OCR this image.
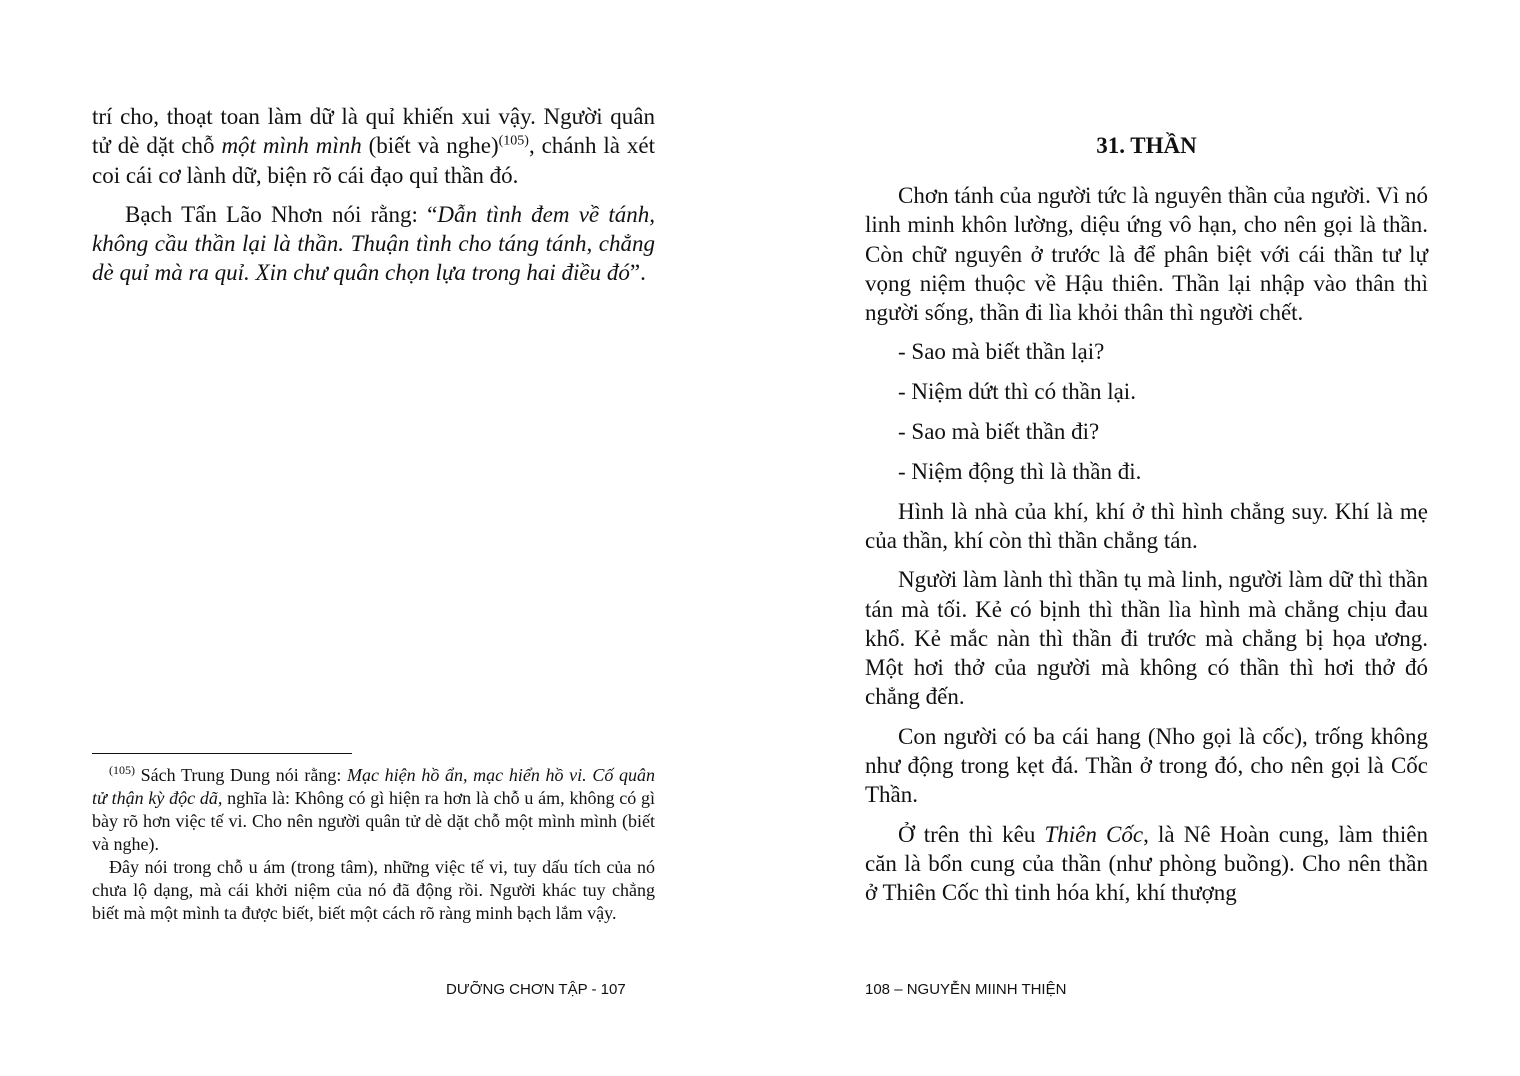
trí cho, thoạt toan làm dữ là quỉ khiến xui vậy. Người quân tử dè dặt chỗ một mình mình (biết và nghe)$^{(105)}$, chánh là xét coi cái cơ lành dữ, biện rõ cái đạo quỉ thần đó.

Bạch Tẩn Lão Nhơn nói rằng: “Dẫn tình đem về tánh, không cầu thần lại là thần. Thuận tình cho táng tánh, chẳng dè quỉ mà ra quỉ. Xin chư quân chọn lựa trong hai điều đó”.

$^{(105)}$ Sách Trung Dung nói rằng: Mạc hiện hồ ẩn, mạc hiển hồ vi. Cố quân tử thận kỳ độc dã, nghĩa là: Không có gì hiện ra hơn là chỗ u ám, không có gì bày rõ hơn việc tế vi. Cho nên người quân tử dè dặt chỗ một mình mình (biết và nghe).

Đây nói trong chỗ u ám (trong tâm), những việc tế vi, tuy dấu tích của nó chưa lộ dạng, mà cái khởi niệm của nó đã động rồi. Người khác tuy chẳng biết mà một mình ta được biết, biết một cách rõ ràng minh bạch lắm vậy.

DƯỠNG CHƠN TẬP - 107
31. THẦN

Chơn tánh của người tức là nguyên thần của người. Vì nó linh minh khôn lường, diệu ứng vô hạn, cho nên gọi là thần. Còn chữ nguyên ở trước là để phân biệt với cái thần tư lự vọng niệm thuộc về Hậu thiên. Thần lại nhập vào thân thì người sống, thần đi lìa khỏi thân thì người chết.

- Sao mà biết thần lại?

- Niệm dứt thì có thần lại.

- Sao mà biết thần đi?

- Niệm động thì là thần đi.

Hình là nhà của khí, khí ở thì hình chẳng suy. Khí là mẹ của thần, khí còn thì thần chẳng tán.

Người làm lành thì thần tụ mà linh, người làm dữ thì thần tán mà tối. Kẻ có bịnh thì thần lìa hình mà chẳng chịu đau khổ. Kẻ mắc nàn thì thần đi trước mà chẳng bị họa ương. Một hơi thở của người mà không có thần thì hơi thở đó chẳng đến.

Con người có ba cái hang (Nho gọi là cốc), trống không như động trong kẹt đá. Thần ở trong đó, cho nên gọi là Cốc Thần.

Ở trên thì kêu Thiên Cốc, là Nê Hoàn cung, làm thiên căn là bổn cung của thần (như phòng buồng). Cho nên thần ở Thiên Cốc thì tinh hóa khí, khí thượng

108 – NGUYỄN MIINH THIỆN
